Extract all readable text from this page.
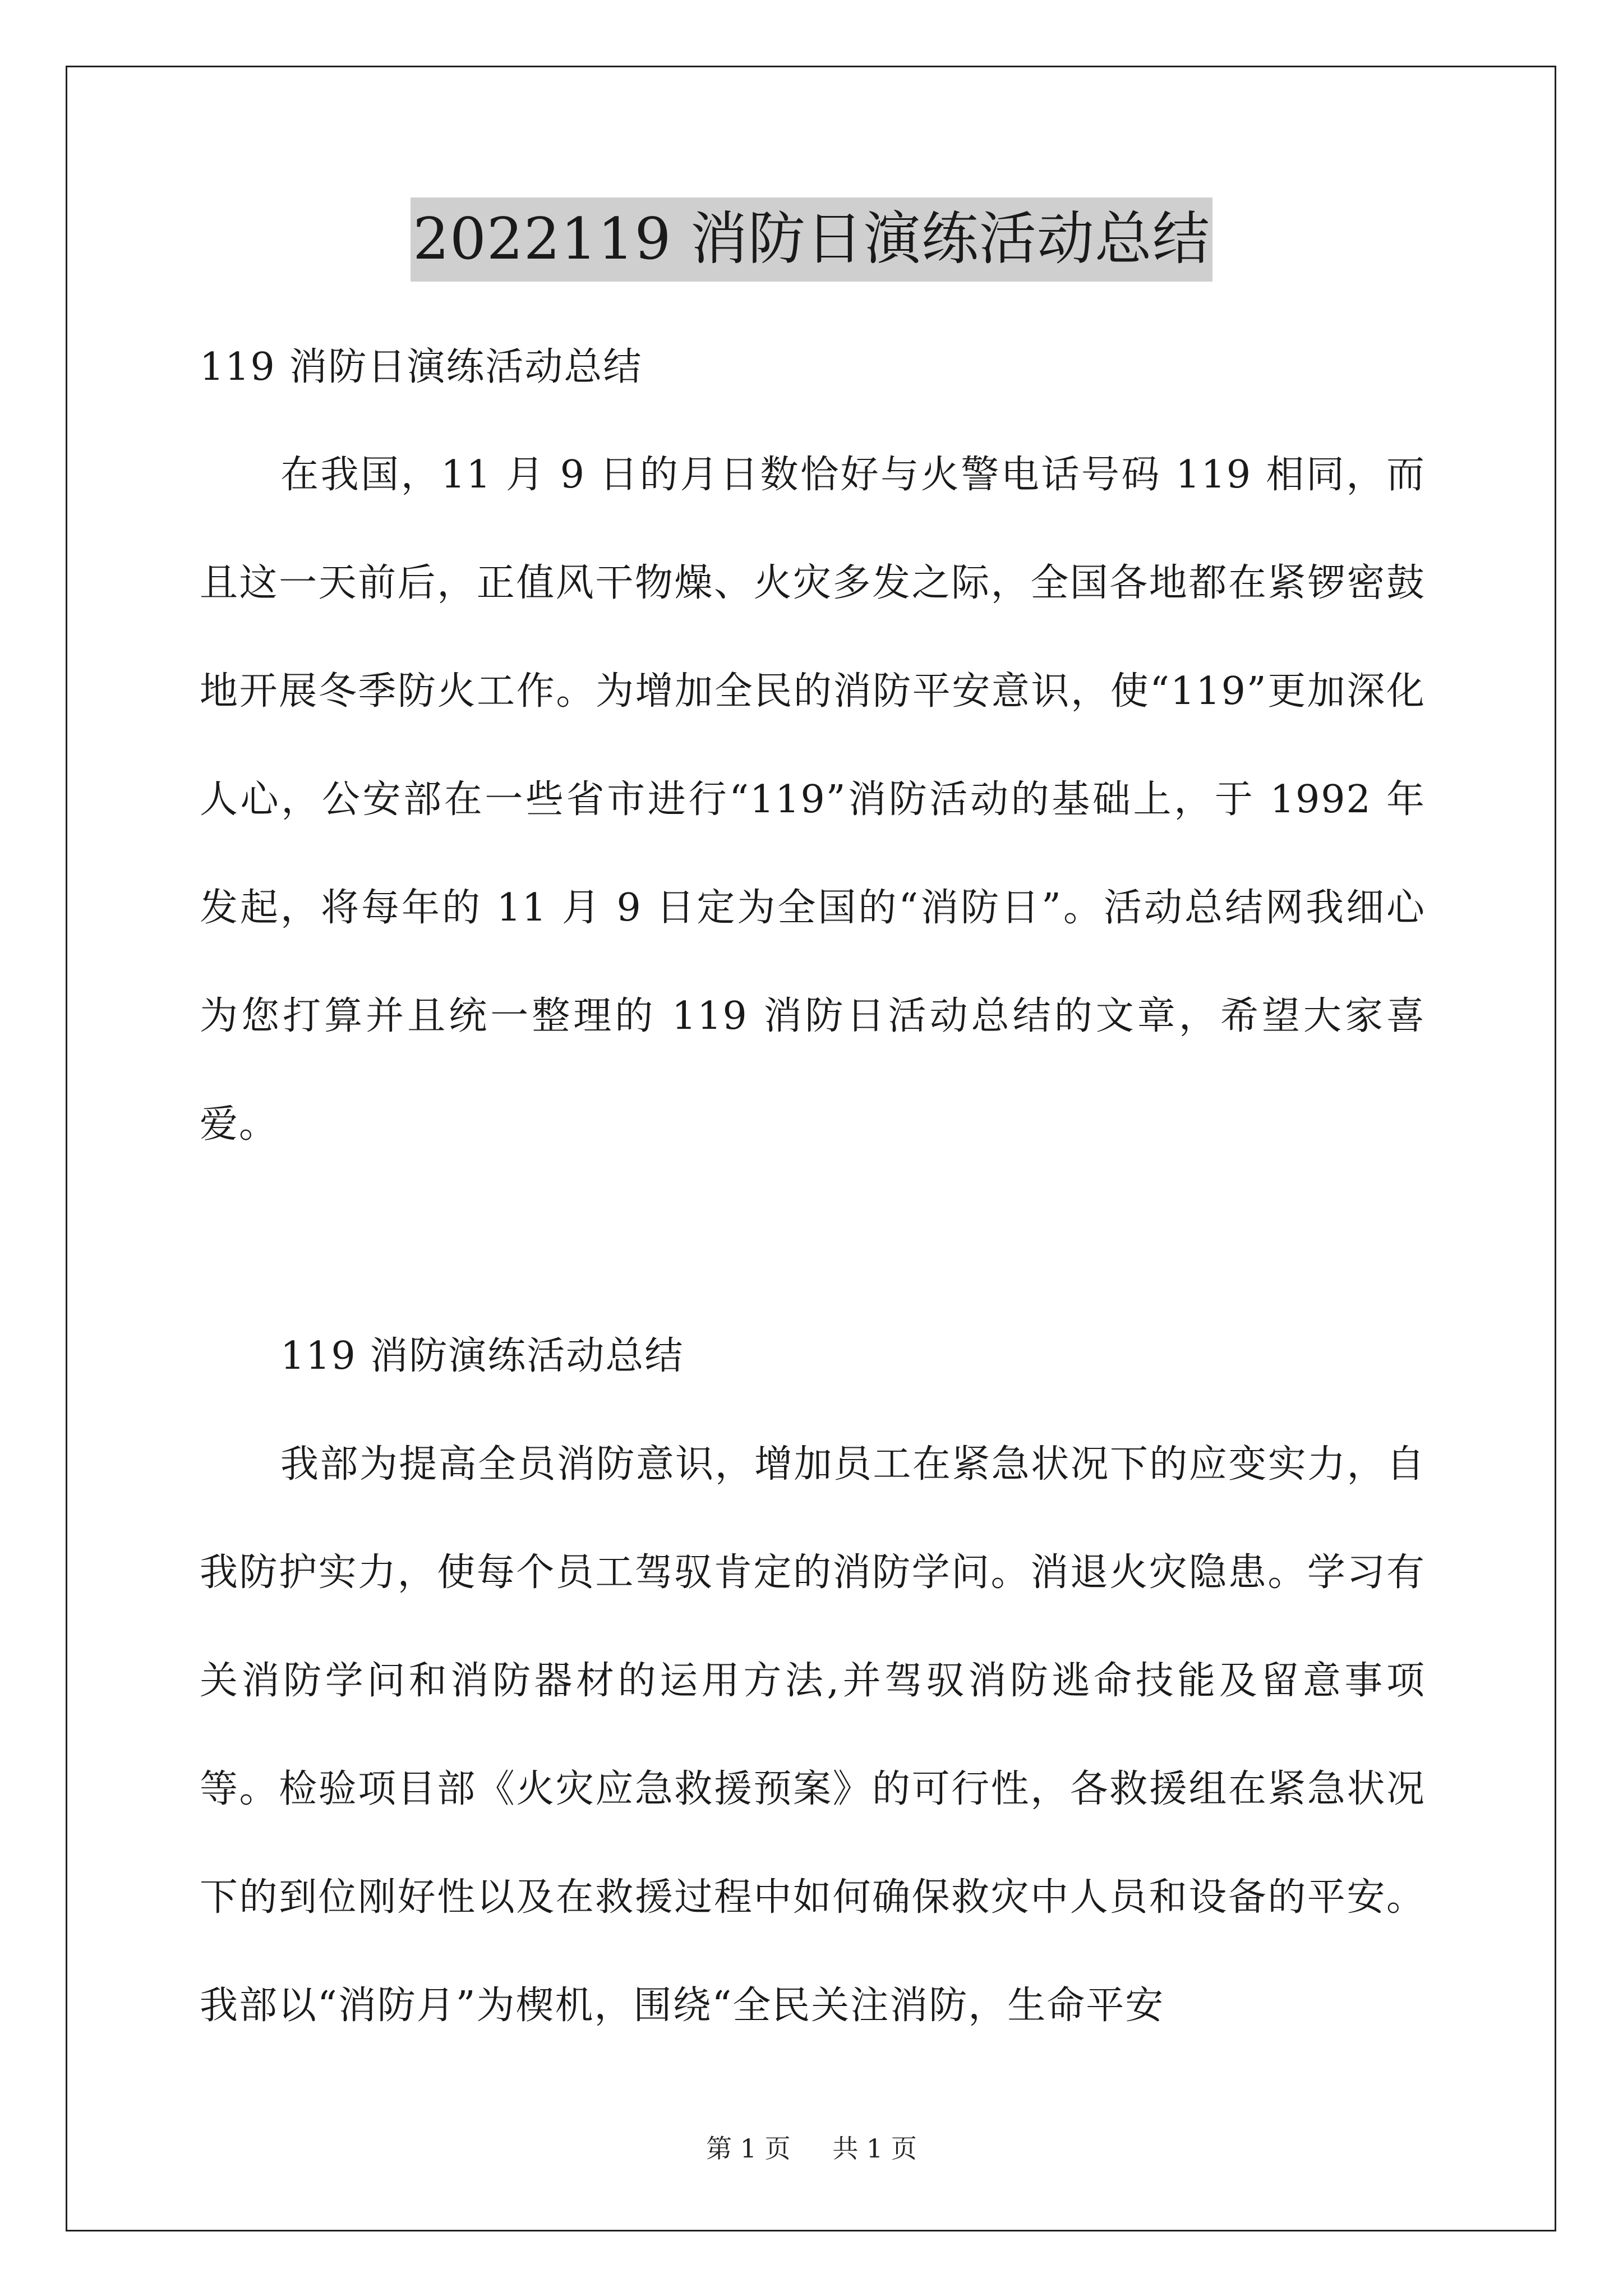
2022119 消防日演练活动总结

119 消防日演练活动总结

在我国，11 月 9 日的月日数恰好与火警电话号码 119 相同，而且这一天前后，正值风干物燥、火灾多发之际，全国各地都在紧锣密鼓地开展冬季防火工作。为增加全民的消防平安意识，使“119”更加深化人心，公安部在一些省市进行“119”消防活动的基础上，于 1992 年发起，将每年的 11 月 9 日定为全国的“消防日”。活动总结网我细心为您打算并且统一整理的 119 消防日活动总结的文章，希望大家喜爱。

119 消防演练活动总结

我部为提高全员消防意识，增加员工在紧急状况下的应变实力，自我防护实力，使每个员工驾驭肯定的消防学问。消退火灾隐患。学习有关消防学问和消防器材的运用方法,并驾驭消防逃命技能及留意事项等。检验项目部《火灾应急救援预案》的可行性，各救援组在紧急状况下的到位刚好性以及在救援过程中如何确保救灾中人员和设备的平安。我部以“消防月”为楔机，围绕“全民关注消防，生命平安

第 1 页 共 1 页
